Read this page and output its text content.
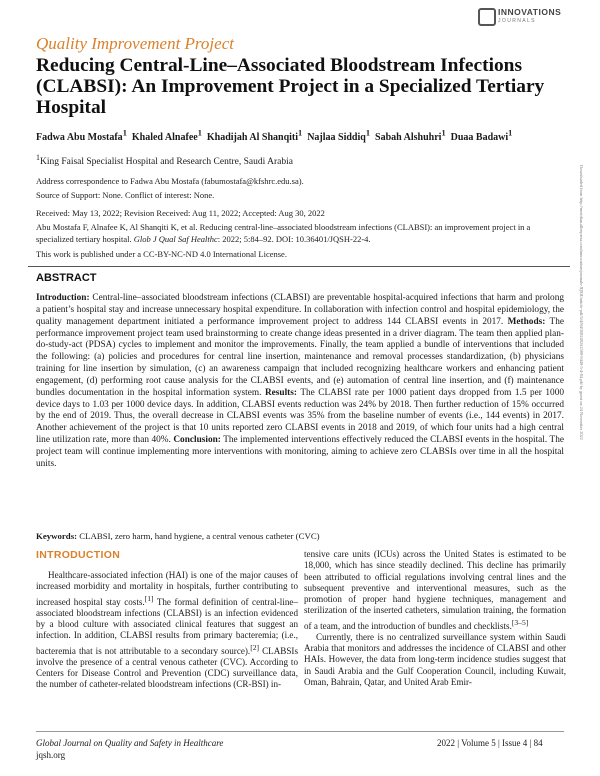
INNOVATIONS
JOURNALS
Quality Improvement Project
Reducing Central-Line–Associated Bloodstream Infections (CLABSI): An Improvement Project in a Specialized Tertiary Hospital
Fadwa Abu Mostafa$^1$ Khaled Alnafee$^1$ Khadijah Al Shanqiti$^1$ Najlaa Siddiq$^1$ Sabah Alshuhri$^1$ Duaa Badawi$^1$
$^1$King Faisal Specialist Hospital and Research Centre, Saudi Arabia
Address correspondence to Fadwa Abu Mostafa (fabumostafa@kfshrc.edu.sa).
Source of Support: None. Conflict of interest: None.
Received: May 13, 2022; Revision Received: Aug 11, 2022; Accepted: Aug 30, 2022
Abu Mostafa F, Alnafee K, Al Shanqiti K, et al. Reducing central-line–associated bloodstream infections (CLABSI): an improvement project in a specialized tertiary hospital. Glob J Qual Saf Healthc: 2022; 5:84–92. DOI: 10.36401/JQSH-22-4.
This work is published under a CC-BY-NC-ND 4.0 International License.
ABSTRACT
Introduction: Central-line–associated bloodstream infections (CLABSI) are preventable hospital-acquired infections that harm and prolong a patient’s hospital stay and increase unnecessary hospital expenditure. In collaboration with infection control and hospital epidemiology, the quality management department initiated a performance improvement project to address 144 CLABSI events in 2017. Methods: The performance improvement project team used brainstorming to create change ideas presented in a driver diagram. The team then applied plan-do-study-act (PDSA) cycles to implement and monitor the improvements. Finally, the team applied a bundle of interventions that included the following: (a) policies and procedures for central line insertion, maintenance and removal processes standardization, (b) physicians training for line insertion by simulation, (c) an awareness campaign that included recognizing healthcare workers and enhancing patient engagement, (d) performing root cause analysis for the CLABSI events, and (e) automation of central line insertion, and (f) maintenance bundles documentation in the hospital information system. Results: The CLABSI rate per 1000 patient days dropped from 1.5 per 1000 device days to 1.03 per 1000 device days. In addition, CLABSI events reduction was 24% by 2018. Then further reduction of 15% occurred by the end of 2019. Thus, the overall decrease in CLABSI events was 35% from the baseline number of events (i.e., 144 events) in 2017. Another achievement of the project is that 10 units reported zero CLABSI events in 2018 and 2019, of which four units had a high central line utilization rate, more than 40%. Conclusion: The implemented interventions effectively reduced the CLABSI events in the hospital. The project team will continue implementing more interventions with monitoring, aiming to achieve zero CLABSIs over time in all the hospital units.
Keywords: CLABSI, zero harm, hand hygiene, a central venous catheter (CVC)
INTRODUCTION

Healthcare-associated infection (HAI) is one of the major causes of increased morbidity and mortality in hospitals, further contributing to increased hospital stay costs.[1] The formal definition of central-line–associated bloodstream infections (CLABSI) is an infection evidenced by a blood culture with associated clinical features that suggest an infection. In addition, CLABSI results from primary bacteremia; (i.e., bacteremia that is not attributable to a secondary source).[2] CLABSIs involve the presence of a central venous catheter (CVC). According to Centers for Disease Control and Prevention (CDC) surveillance data, the number of catheter-related bloodstream infections (CR-BSI) in-

tensive care units (ICUs) across the United States is estimated to be 18,000, which has since steadily declined. This decline has primarily been attributed to official regulations involving central lines and the subsequent preventive and interventional measures, such as the promotion of proper hand hygiene techniques, management and sterilization of the inserted catheters, simulation training, the formation of a team, and the introduction of bundles and checklists.[3–5]

Currently, there is no centralized surveillance system within Saudi Arabia that monitors and addresses the incidence of CLABSI and other HAIs. However, the data from long-term incidence studies suggest that in Saudi Arabia and the Gulf Cooperation Council, including Kuwait, Oman, Bahrain, Qatar, and United Arab Emir-

Global Journal on Quality and Safety in Healthcare
jqsh.org
2022 | Volume 5 | Issue 4 | 84
Downloaded from http://meridian.allenpress.com/innovationsjournals-JQSH/article-pdf/5/4/84/3082492/i2589-9449-5-4-84.pdf by guest on 24 November 2022
